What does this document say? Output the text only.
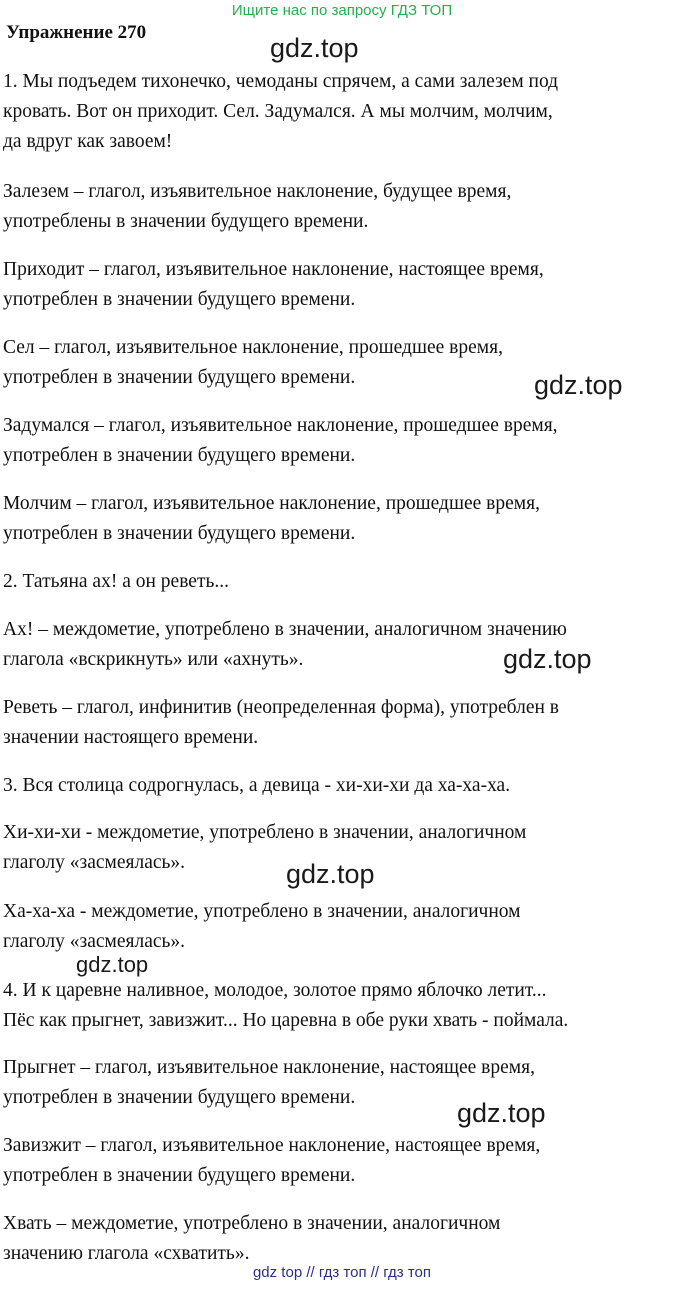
Ищите нас по запросу ГДЗ ТОП
Упражнение 270
1. Мы подъедем тихонечко, чемоданы спрячем, а сами залезем под
кровать. Вот он приходит. Сел. Задумался. А мы молчим, молчим,
да вдруг как завоем!
Залезем – глагол, изъявительное наклонение, будущее время,
употреблены в значении будущего времени.
Приходит – глагол, изъявительное наклонение, настоящее время,
употреблен в значении будущего времени.
Сел – глагол, изъявительное наклонение, прошедшее время,
употреблен в значении будущего времени.
Задумался – глагол, изъявительное наклонение, прошедшее время,
употреблен в значении будущего времени.
Молчим – глагол, изъявительное наклонение, прошедшее время,
употреблен в значении будущего времени.
2. Татьяна ах! а он реветь...
Ах! – междометие, употреблено в значении, аналогичном значению
глагола «вскрикнуть» или «ахнуть».
Реветь – глагол, инфинитив (неопределенная форма), употреблен в
значении настоящего времени.
3. Вся столица содрогнулась, а девица - хи-хи-хи да ха-ха-ха.
Хи-хи-хи - междометие, употреблено в значении, аналогичном
глаголу «засмеялась».
Ха-ха-ха - междометие, употреблено в значении, аналогичном
глаголу «засмеялась».
4. И к царевне наливное, молодое, золотое прямо яблочко летит...
Пёс как прыгнет, завизжит... Но царевна в обе руки хвать - поймала.
Прыгнет – глагол, изъявительное наклонение, настоящее время,
употреблен в значении будущего времени.
Завизжит – глагол, изъявительное наклонение, настоящее время,
употреблен в значении будущего времени.
Хвать – междометие, употреблено в значении, аналогичном
значению глагола «схватить».
gdz.top
gdz.top
gdz.top
gdz.top
gdz.top
gdz.top
gdz top // гдз топ // гдз топ
